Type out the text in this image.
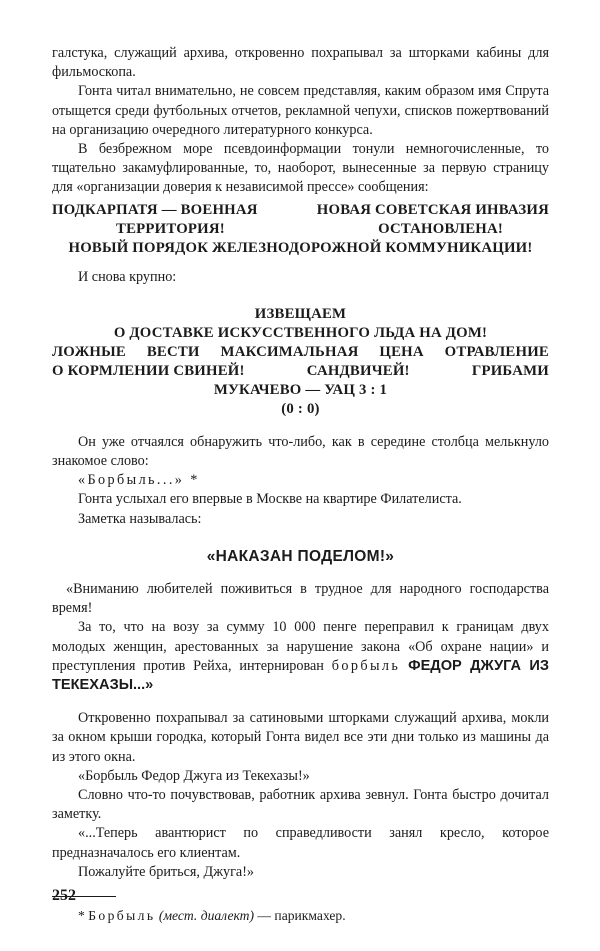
галстука, служащий архива, откровенно похрапывал за шторками кабины для фильмоскопа.

Гонта читал внимательно, не совсем представляя, каким образом имя Спрута отыщется среди футбольных отчетов, рекламной чепухи, списков пожертвований на организацию очередного литературного конкурса.

В безбрежном море псевдоинформации тонули немногочисленные, то тщательно закамуфлированные, то, наоборот, вынесенные за первую страницу для «организации доверия к независимой прессе» сообщения:

ПОДКАРПАТЯ — ВОЕННАЯ	НОВАЯ СОВЕТСКАЯ ИНВАЗИЯ
ТЕРРИТОРИЯ!	ОСТАНОВЛЕНА!
НОВЫЙ ПОРЯДОК ЖЕЛЕЗНОДОРОЖНОЙ КОММУНИКАЦИИ!

И снова крупно:

ИЗВЕЩАЕМ
О ДОСТАВКЕ ИСКУССТВЕННОГО ЛЬДА НА ДОМ!
ЛОЖНЫЕ ВЕСТИ МАКСИМАЛЬНАЯ ЦЕНА ОТРАВЛЕНИЕ
О КОРМЛЕНИИ СВИНЕЙ!	САНДВИЧЕЙ!	ГРИБАМИ
МУКАЧЕВО — УАЦ 3 : 1
(0 : 0)

Он уже отчаялся обнаружить что-либо, как в середине столбца мелькнуло знакомое слово:

«Борбыль...» *

Гонта услыхал его впервые в Москве на квартире Филателиста.

Заметка называлась:

«НАКАЗАН ПОДЕЛОМ!»

«Вниманию любителей поживиться в трудное для народного господарства время!

За то, что на возу за сумму 10 000 пенге переправил к границам двух молодых женщин, арестованных за нарушение закона «Об охране нации» и преступления против Рейха, интернирован борбыль ФЕДОР ДЖУГА ИЗ ТЕКЕХАЗЫ...»

Откровенно похрапывал за сатиновыми шторками служащий архива, мокли за окном крыши городка, который Гонта видел все эти дни только из машины да из этого окна.

«Борбыль Федор Джуга из Текехазы!»

Словно что-то почувствовав, работник архива зевнул. Гонта быстро дочитал заметку.

«...Теперь авантюрист по справедливости занял кресло, которое предназначалось его клиентам.

Пожалуйте бриться, Джуга!»

* Борбыль (мест. диалект) — парикмахер.

252
